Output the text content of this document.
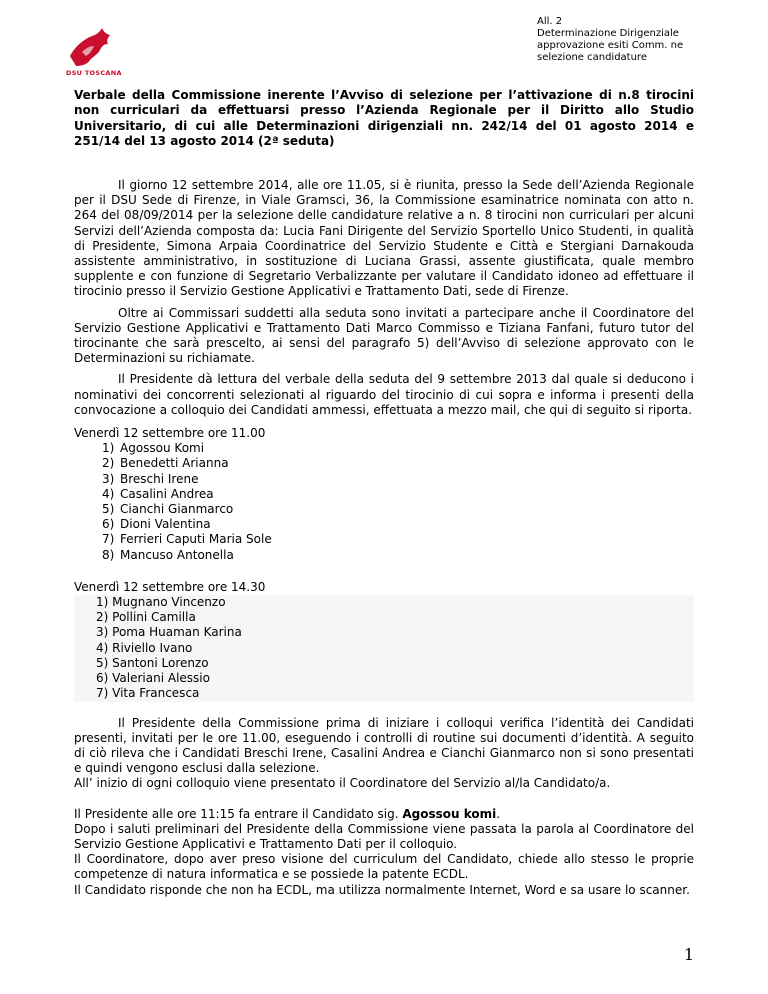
DSU TOSCANA
All. 2
Determinazione Dirigenziale
approvazione esiti Comm. ne
selezione candidature
Verbale della Commissione inerente l’Avviso di selezione per l’attivazione di n.8 tirocini non curriculari da effettuarsi presso l’Azienda Regionale per il Diritto allo Studio Universitario, di cui alle Determinazioni dirigenziali nn. 242/14 del 01 agosto 2014 e 251/14 del 13 agosto 2014 (2ª seduta)

Il giorno 12 settembre 2014, alle ore 11.05, si è riunita, presso la Sede dell’Azienda Regionale per il DSU Sede di Firenze, in Viale Gramsci, 36, la Commissione esaminatrice nominata con atto n. 264 del 08/09/2014 per la selezione delle candidature relative a n. 8 tirocini non curriculari per alcuni Servizi dell’Azienda composta da: Lucia Fani Dirigente del Servizio Sportello Unico Studenti, in qualità di Presidente, Simona Arpaia Coordinatrice del Servizio Studente e Città e Stergiani Darnakouda assistente amministrativo, in sostituzione di Luciana Grassi, assente giustificata, quale membro supplente e con funzione di Segretario Verbalizzante per valutare il Candidato idoneo ad effettuare il tirocinio presso il Servizio Gestione Applicativi e Trattamento Dati, sede di Firenze.

Oltre ai Commissari suddetti alla seduta sono invitati a partecipare anche il Coordinatore del Servizio Gestione Applicativi e Trattamento Dati Marco Commisso e Tiziana Fanfani, futuro tutor del tirocinante che sarà prescelto, ai sensi del paragrafo 5) dell’Avviso di selezione approvato con le Determinazioni su richiamate.

Il Presidente dà lettura del verbale della seduta del 9 settembre 2013 dal quale si deducono i nominativi dei concorrenti selezionati al riguardo del tirocinio di cui sopra e informa i presenti della convocazione a colloquio dei Candidati ammessi, effettuata a mezzo mail, che qui di seguito si riporta.

Venerdì 12 settembre ore 11.00
1) Agossou Komi
2) Benedetti Arianna
3) Breschi Irene
4) Casalini Andrea
5) Cianchi Gianmarco
6) Dioni Valentina
7) Ferrieri Caputi Maria Sole
8) Mancuso Antonella
Venerdì 12 settembre ore 14.30
1) Mugnano Vincenzo
2) Pollini Camilla
3) Poma Huaman Karina
4) Riviello Ivano
5) Santoni Lorenzo
6) Valeriani Alessio
7) Vita Francesca

Il Presidente della Commissione prima di iniziare i colloqui verifica l’identità dei Candidati presenti, invitati per le ore 11.00, eseguendo i controlli di routine sui documenti d’identità. A seguito di ciò rileva che i Candidati Breschi Irene, Casalini Andrea e Cianchi Gianmarco non si sono presentati e quindi vengono esclusi dalla selezione.

All’ inizio di ogni colloquio viene presentato il Coordinatore del Servizio al/la Candidato/a.

Il Presidente alle ore 11:15 fa entrare il Candidato sig. Agossou komi.

Dopo i saluti preliminari del Presidente della Commissione viene passata la parola al Coordinatore del Servizio Gestione Applicativi e Trattamento Dati per il colloquio.

Il Coordinatore, dopo aver preso visione del curriculum del Candidato, chiede allo stesso le proprie competenze di natura informatica e se possiede la patente ECDL.

Il Candidato risponde che non ha ECDL, ma utilizza normalmente Internet, Word e sa usare lo scanner.

1
